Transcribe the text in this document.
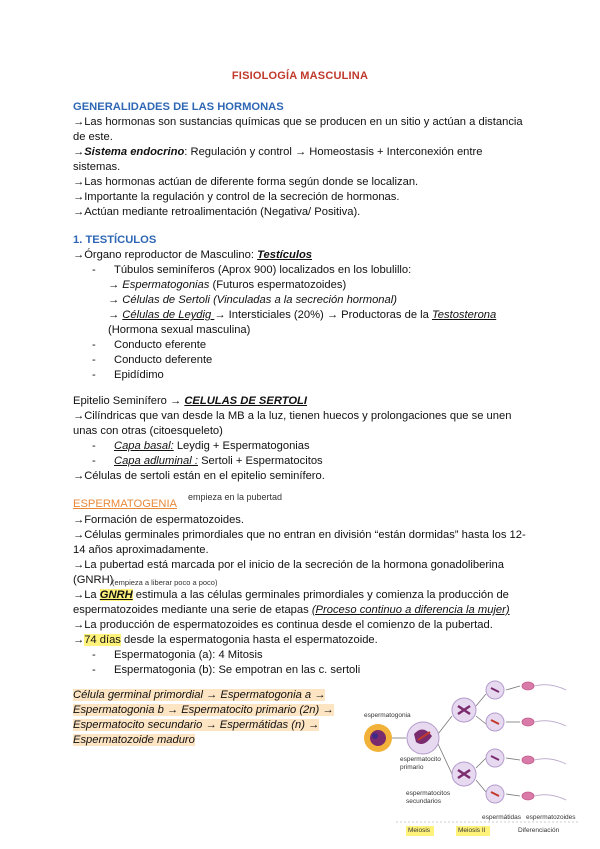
FISIOLOGÍA MASCULINA
GENERALIDADES DE LAS HORMONAS
→Las hormonas son sustancias químicas que se producen en un sitio y actúan a distancia
de este.
→Sistema endocrino: Regulación y control → Homeostasis + Interconexión entre
sistemas.
→Las hormonas actúan de diferente forma según donde se localizan.
→Importante la regulación y control de la secreción de hormonas.
→Actúan mediante retroalimentación (Negativa/ Positiva).
1. TESTÍCULOS
→Órgano reproductor de Masculino: Testículos
- Túbulos seminíferos (Aprox 900) localizados en los lobulillo:
→ Espermatogonias (Futuros espermatozoides)
→ Células de Sertoli (Vinculadas a la secreción hormonal)
→ Células de Leydig → Intersticiales (20%) → Productoras de la Testosterona
(Hormona sexual masculina)
- Conducto eferente
- Conducto deferente
- Epidídimo
Epitelio Seminífero → CELULAS DE SERTOLI
→Cilíndricas que van desde la MB a la luz, tienen huecos y prolongaciones que se unen
unas con otras (citoesqueleto)
- Capa basal: Leydig + Espermatogonias
- Capa adluminal : Sertoli + Espermatocitos
→Células de sertoli están en el epitelio seminífero.
ESPERMATOGENIA
empieza en la pubertad
→Formación de espermatozoides.
→Células germinales primordiales que no entran en división “están dormidas” hasta los 12-
14 años aproximadamente.
→La pubertad está marcada por el inicio de la secreción de la hormona gonadoliberina
(GNRH)
(empieza a liberar poco a poco)
→La GNRH estimula a las células germinales primordiales y comienza la producción de
espermatozoides mediante una serie de etapas (Proceso continuo a diferencia la mujer)
→La producción de espermatozoides es continua desde el comienzo de la pubertad.
→74 días desde la espermatogonia hasta el espermatozoide.
- Espermatogonia (a): 4 Mitosis
- Espermatogonia (b): Se empotran en las c. sertoli
Célula germinal primordial → Espermatogonia a →
Espermatogonia b → Espermatocito primario (2n) →
Espermatocito secundario → Espermátidas (n) →
Espermatozoide maduro
espermatogonia
espermatocito
primario
espermatocitos
secundarios
espermátidas espermatozoides
Meiosis	Meiosis II	Diferenciación
